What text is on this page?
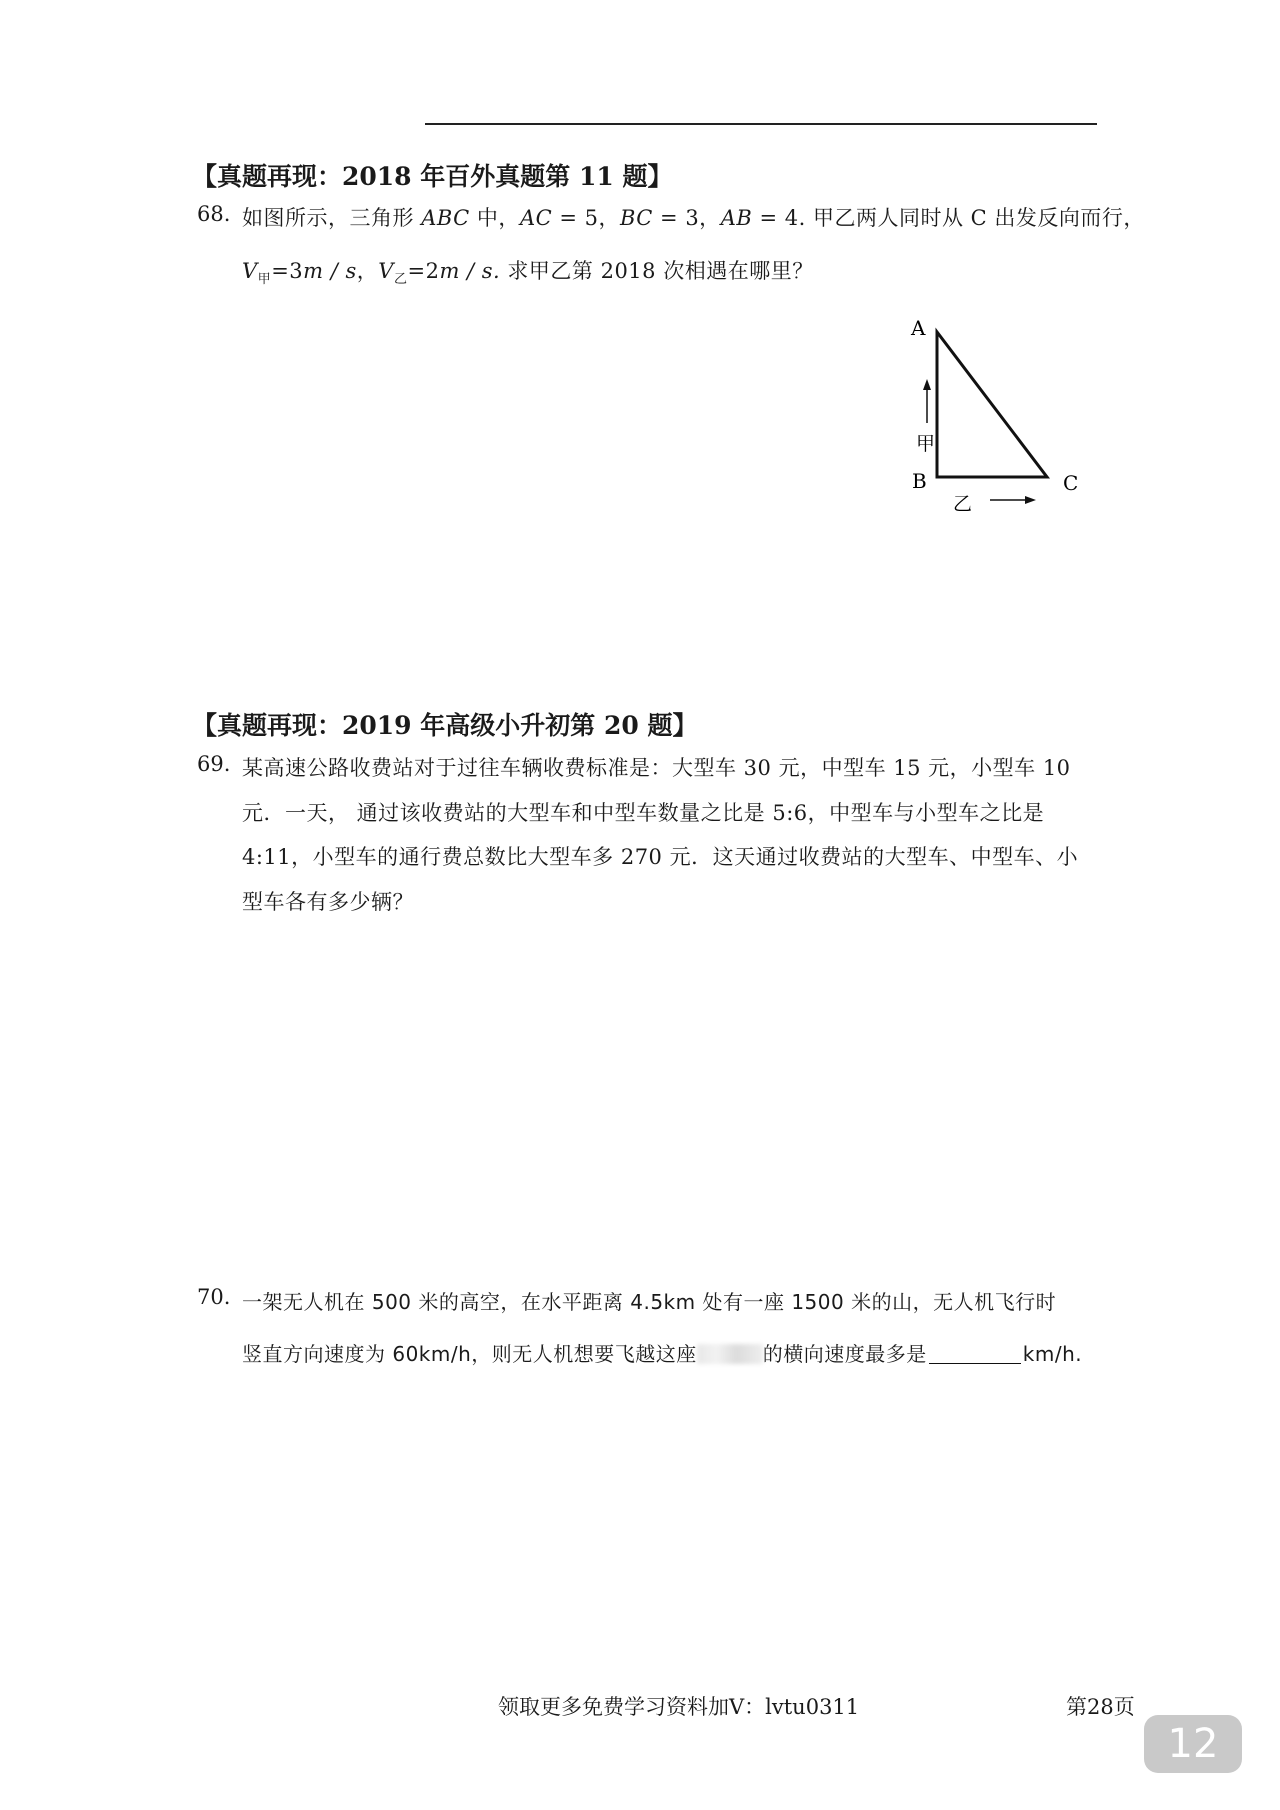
【真题再现：2018 年百外真题第 11 题】
68. 如图所示，三角形 ABC 中，AC = 5，BC = 3，AB = 4. 甲乙两人同时从 C 出发反向而行，
$V_甲=3m / s$，$V_乙=2m / s$. 求甲乙第 2018 次相遇在哪里？
A
B	C
甲
乙
【真题再现：2019 年高级小升初第 20 题】
69. 某高速公路收费站对于过往车辆收费标准是：大型车 30 元，中型车 15 元，小型车 10
元．一天， 通过该收费站的大型车和中型车数量之比是 5:6，中型车与小型车之比是
4:11，小型车的通行费总数比大型车多 270 元．这天通过收费站的大型车、中型车、小
型车各有多少辆？
70. 一架无人机在 500 米的高空，在水平距离 4.5km 处有一座 1500 米的山，无人机飞行时
竖直方向速度为 60km/h，则无人机想要飞越这座	的横向速度最多是	km/h.
领取更多免费学习资料加V：lvtu0311	第28页
12
